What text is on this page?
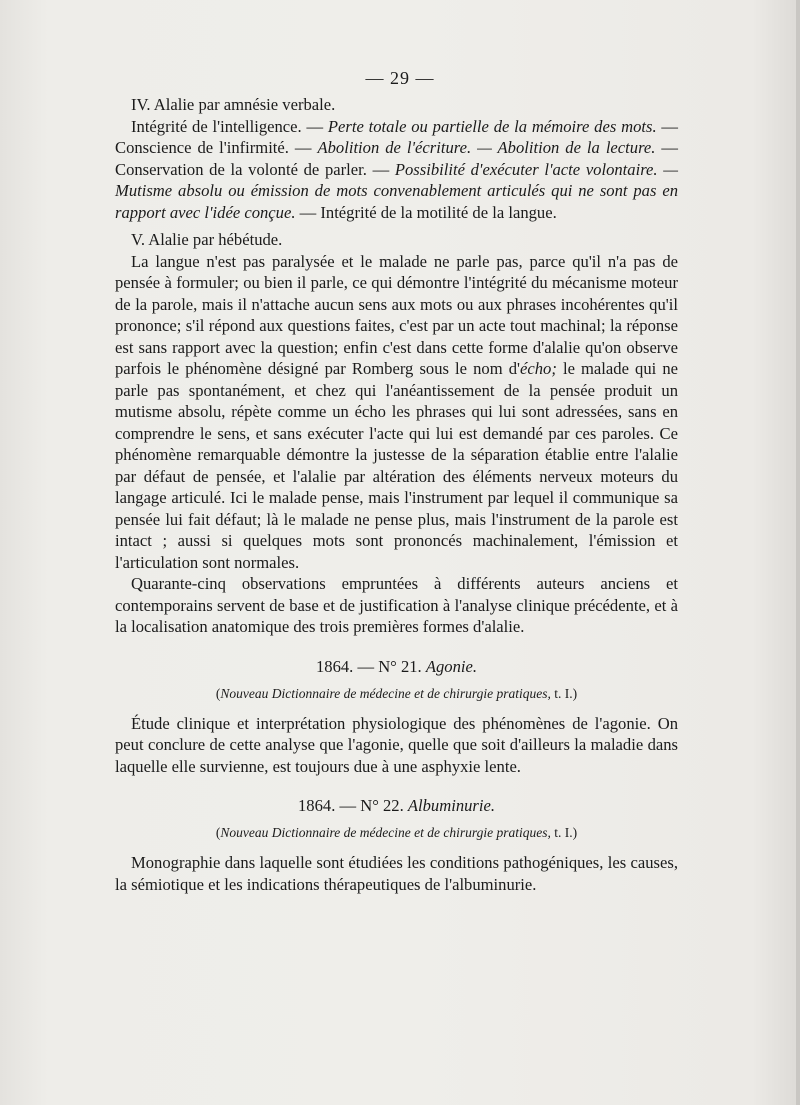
— 29 —

IV. Alalie par amnésie verbale.

Intégrité de l'intelligence. — Perte totale ou partielle de la mémoire des mots. — Conscience de l'infirmité. — Abolition de l'écriture. — Abolition de la lecture. — Conservation de la volonté de parler. — Possibilité d'exécuter l'acte volontaire. — Mutisme absolu ou émission de mots convenablement articulés qui ne sont pas en rapport avec l'idée conçue. — Intégrité de la motilité de la langue.

V. Alalie par hébétude.

La langue n'est pas paralysée et le malade ne parle pas, parce qu'il n'a pas de pensée à formuler; ou bien il parle, ce qui démontre l'intégrité du mécanisme moteur de la parole, mais il n'attache aucun sens aux mots ou aux phrases incohérentes qu'il prononce; s'il répond aux questions faites, c'est par un acte tout machinal; la réponse est sans rapport avec la question; enfin c'est dans cette forme d'alalie qu'on observe parfois le phénomène désigné par Romberg sous le nom d'écho; le malade qui ne parle pas spontanément, et chez qui l'anéantissement de la pensée produit un mutisme absolu, répète comme un écho les phrases qui lui sont adressées, sans en comprendre le sens, et sans exécuter l'acte qui lui est demandé par ces paroles. Ce phénomène remarquable démontre la justesse de la séparation établie entre l'alalie par défaut de pensée, et l'alalie par altération des éléments nerveux moteurs du langage articulé. Ici le malade pense, mais l'instrument par lequel il communique sa pensée lui fait défaut; là le malade ne pense plus, mais l'instrument de la parole est intact ; aussi si quelques mots sont prononcés machinalement, l'émission et l'articulation sont normales.

Quarante-cinq observations empruntées à différents auteurs anciens et contemporains servent de base et de justification à l'analyse clinique précédente, et à la localisation anatomique des trois premières formes d'alalie.

1864. — N° 21. Agonie.
(Nouveau Dictionnaire de médecine et de chirurgie pratiques, t. I.)

Étude clinique et interprétation physiologique des phénomènes de l'agonie. On peut conclure de cette analyse que l'agonie, quelle que soit d'ailleurs la maladie dans laquelle elle survienne, est toujours due à une asphyxie lente.

1864. — N° 22. Albuminurie.
(Nouveau Dictionnaire de médecine et de chirurgie pratiques, t. I.)

Monographie dans laquelle sont étudiées les conditions pathogéniques, les causes, la sémiotique et les indications thérapeutiques de l'albuminurie.
